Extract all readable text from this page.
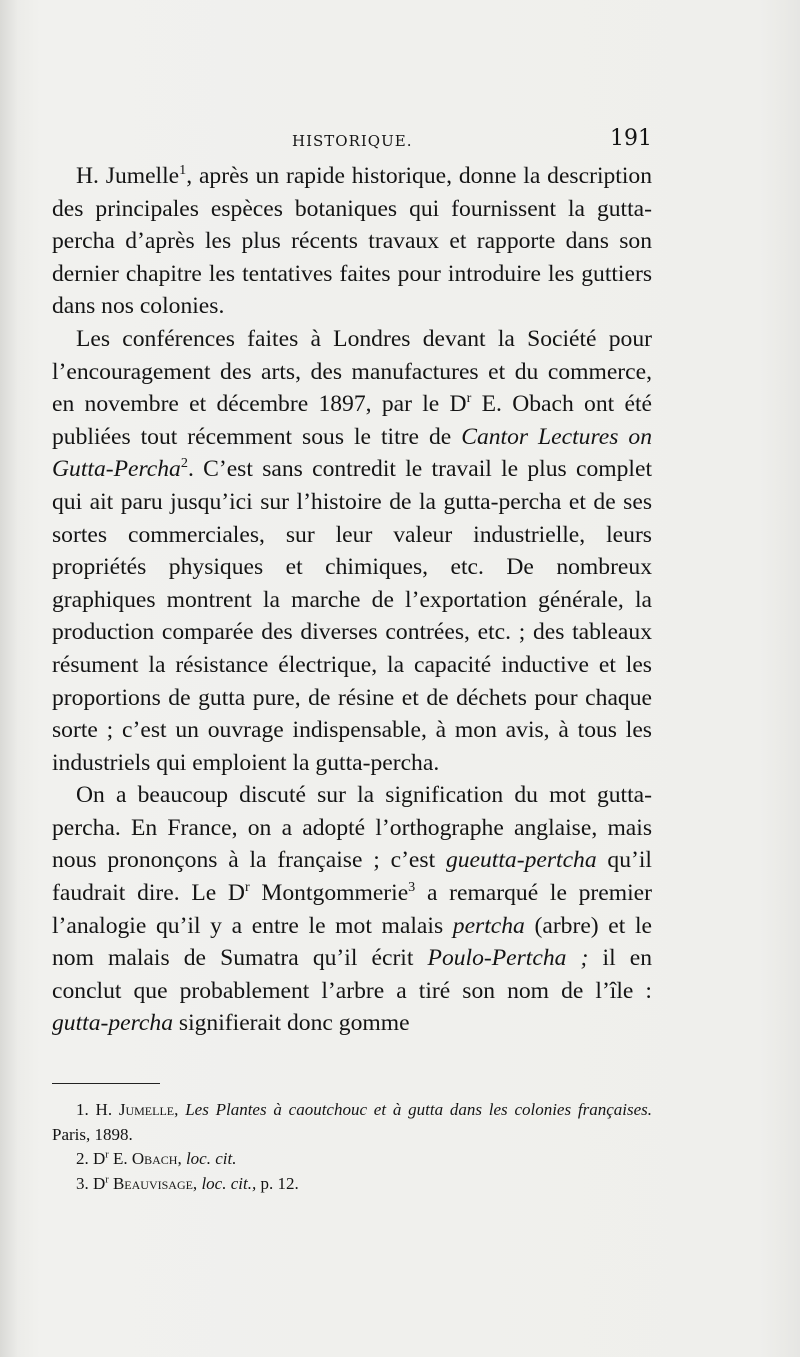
HISTORIQUE.	191

H. Jumelle$^1$, après un rapide historique, donne la description des principales espèces botaniques qui fournissent la gutta-percha d’après les plus récents travaux et rapporte dans son dernier chapitre les tentatives faites pour introduire les guttiers dans nos colonies.

Les conférences faites à Londres devant la Société pour l’encouragement des arts, des manufactures et du commerce, en novembre et décembre 1897, par le $D^r$ E. Obach ont été publiées tout récemment sous le titre de Cantor Lectures on Gutta-Percha$^2$. C’est sans contredit le travail le plus complet qui ait paru jusqu’ici sur l’histoire de la gutta-percha et de ses sortes commerciales, sur leur valeur industrielle, leurs propriétés physiques et chimiques, etc. De nombreux graphiques montrent la marche de l’exportation générale, la production comparée des diverses contrées, etc. ; des tableaux résument la résistance électrique, la capacité inductive et les proportions de gutta pure, de résine et de déchets pour chaque sorte ; c’est un ouvrage indispensable, à mon avis, à tous les industriels qui emploient la gutta-percha.

On a beaucoup discuté sur la signification du mot gutta-percha. En France, on a adopté l’orthographe anglaise, mais nous prononçons à la française ; c’est gueutta-pertcha qu’il faudrait dire. Le $D^r$ Montgommerie$^3$ a remarqué le premier l’analogie qu’il y a entre le mot malais pertcha (arbre) et le nom malais de Sumatra qu’il écrit Poulo-Pertcha ; il en conclut que probablement l’arbre a tiré son nom de l’île : gutta-percha signifierait donc gomme

1. H. Jumelle, Les Plantes à caoutchouc et à gutta dans les colonies françaises. Paris, 1898.

2. $D^r$ E. Obach, loc. cit.

3. $D^r$ Beauvisage, loc. cit., p. 12.
